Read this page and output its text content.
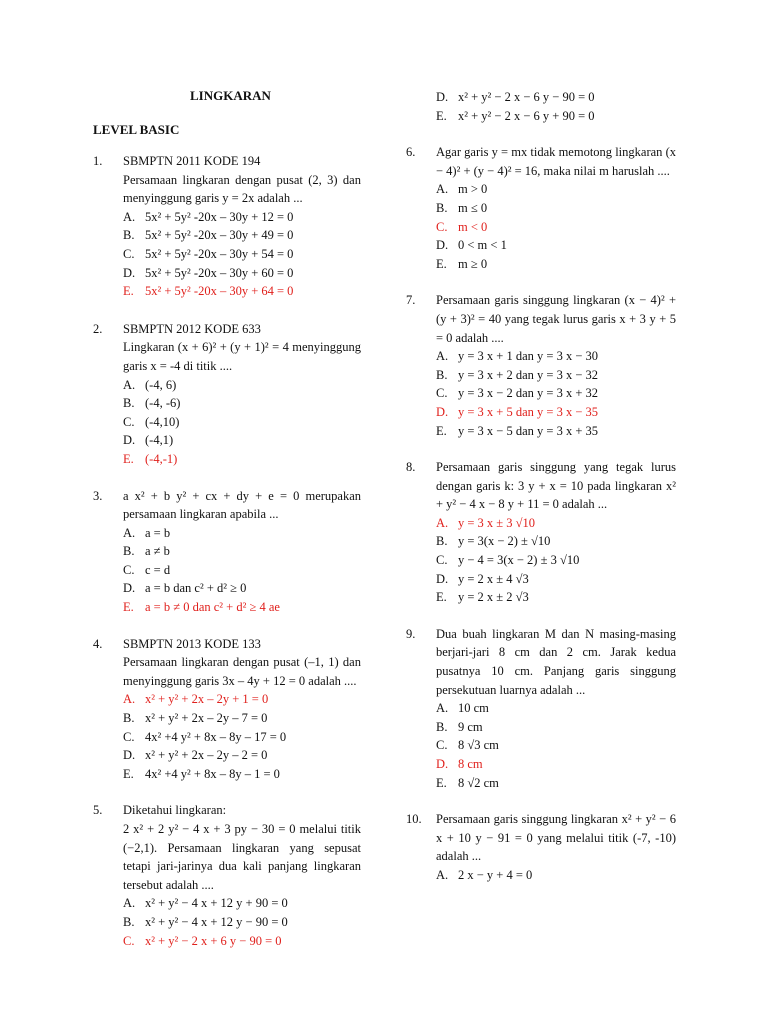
LINGKARAN
LEVEL BASIC
1.	SBMPTN 2011 KODE 194

Persamaan lingkaran dengan pusat (2, 3) dan menyinggung garis y = 2x adalah ...

A. 5x² + 5y² -20x – 30y + 12 = 0
B. 5x² + 5y² -20x – 30y + 49 = 0
C. 5x² + 5y² -20x – 30y + 54 = 0
D. 5x² + 5y² -20x – 30y + 60 = 0
E. 5x² + 5y² -20x – 30y + 64 = 0
2.	SBMPTN 2012 KODE 633

Lingkaran (x + 6)² + (y + 1)² = 4 menyinggung garis x = -4 di titik ....

A. (-4, 6)
B. (-4, -6)
C. (-4,10)
D. (-4,1)
E. (-4,-1)
3.	a x² + b y² + cx + dy + e = 0 merupakan persamaan lingkaran apabila ...

A. a = b
B. a ≠ b
C. c = d
D. a = b dan c² + d² ≥ 0
E. a = b ≠ 0 dan c² + d² ≥ 4 ae
4.	SBMPTN 2013 KODE 133

Persamaan lingkaran dengan pusat (–1, 1) dan menyinggung garis 3x – 4y + 12 = 0 adalah ....

A. x² + y² + 2x – 2y + 1 = 0
B. x² + y² + 2x – 2y – 7 = 0
C. 4x² +4 y² + 8x – 8y – 17 = 0
D. x² + y² + 2x – 2y – 2 = 0
E. 4x² +4 y² + 8x – 8y – 1 = 0
5.	Diketahui lingkaran:

2 x² + 2 y² − 4 x + 3 py − 30 = 0 melalui titik (−2,1). Persamaan lingkaran yang sepusat tetapi jari-jarinya dua kali panjang lingkaran tersebut adalah ....

A. x² + y² − 4 x + 12 y + 90 = 0
B. x² + y² − 4 x + 12 y − 90 = 0
C. x² + y² − 2 x + 6 y − 90 = 0
D. x² + y² − 2 x − 6 y − 90 = 0
E. x² + y² − 2 x − 6 y + 90 = 0
6.	Agar garis y = mx tidak memotong lingkaran (x − 4)² + (y − 4)² = 16, maka nilai m haruslah ....

A. m > 0
B. m ≤ 0
C. m < 0
D. 0 < m < 1
E. m ≥ 0
7.	Persamaan garis singgung lingkaran (x − 4)² + (y + 3)² = 40 yang tegak lurus garis x + 3 y + 5 = 0 adalah ....

A. y = 3 x + 1 dan y = 3 x − 30
B. y = 3 x + 2 dan y = 3 x − 32
C. y = 3 x − 2 dan y = 3 x + 32
D. y = 3 x + 5 dan y = 3 x − 35
E. y = 3 x − 5 dan y = 3 x + 35
8.	Persamaan garis singgung yang tegak lurus dengan garis k: 3 y + x = 10 pada lingkaran x² + y² − 4 x − 8 y + 11 = 0 adalah ...

A. y = 3 x ± 3 √10
B. y = 3(x − 2) ± √10
C. y − 4 = 3(x − 2) ± 3 √10
D. y = 2 x ± 4 √3
E. y = 2 x ± 2 √3
9.	Dua buah lingkaran M dan N masing-masing berjari-jari 8 cm dan 2 cm. Jarak kedua pusatnya 10 cm. Panjang garis singgung persekutuan luarnya adalah ...

A. 10 cm
B. 9 cm
C. 8 √3 cm
D. 8 cm
E. 8 √2 cm
10.	Persamaan garis singgung lingkaran x² + y² − 6 x + 10 y − 91 = 0 yang melalui titik (-7, -10) adalah ...

A. 2 x − y + 4 = 0
